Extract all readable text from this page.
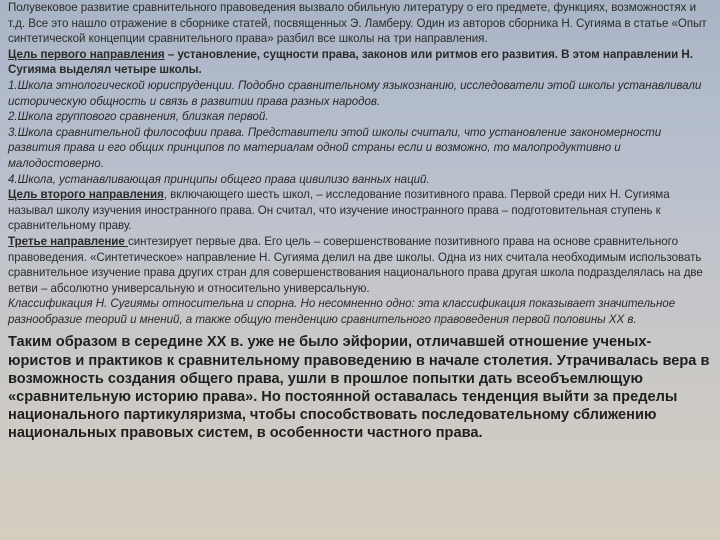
Полувековое развитие сравнительного правоведения вызвало обильную литературу о его предмете, функциях, возможностях и т.д. Все это нашло отражение в сборнике статей, посвященных Э. Ламберу. Один из авторов сборника Н. Сугияма в статье «Опыт синтетической концепции сравнительного права» разбил все школы на три направления.

Цель первого направления – установление, сущности права, законов или ритмов его развития. В этом направлении Н. Сугияма выделял четыре школы.

1.Школа этнологической юриспруденции. Подобно сравнительному языкознанию, исследователи этой школы устанавливали историческую общность и связь в развитии права разных народов.

2.Школа группового сравнения, близкая первой.

3.Школа сравнительной философии права. Представители этой школы считали, что установление закономерности развития права и его общих принципов по материалам одной страны если и возможно, то малопродуктивно и малодостоверно.

4.Школа, устанавливающая принципы общего права цивилизо ванных наций.

Цель второго направления, включающего шесть школ, – исследование позитивного права. Первой среди них Н. Сугияма называл школу изучения иностранного права. Он считал, что изучение иностранного права – подготовительная ступень к сравнительному праву.

Третье направление синтезирует первые два. Его цель – совершенствование позитивного права на основе сравнительного правоведения. «Синтетическое» направление Н. Сугияма делил на две школы. Одна из них считала необходимым использовать сравнительное изучение права других стран для совершенствования национального права другая школа подразделялась на две ветви – абсолютно универсальную и относительно универсальную.

Классификация Н. Сугиямы относительна и спорна. Но несомненно одно: эта классификация показывает значительное разнообразие теорий и мнений, а также общую тенденцию сравнительного правоведения первой половины XX в.

Таким образом в середине XX в. уже не было эйфории, отличавшей отношение ученых-юристов и практиков к сравнительному правоведению в начале столетия. Утрачивалась вера в возможность создания общего права, ушли в прошлое попытки дать всеобъемлющую «сравнительную историю права». Но постоянной оставалась тенденция выйти за пределы национального партикуляризма, чтобы способствовать последовательному сближению национальных правовых систем, в особенности частного права.
